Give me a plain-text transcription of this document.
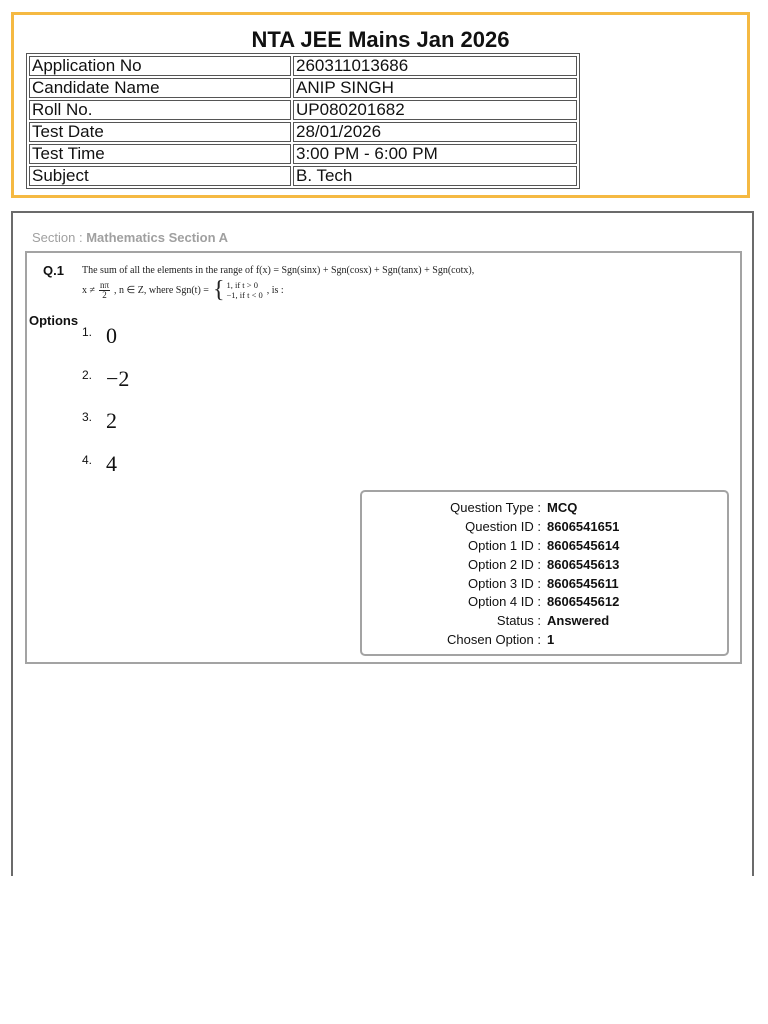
NTA JEE Mains Jan 2026
Application No	260311013686
Candidate Name	ANIP SINGH
Roll No.	UP080201682
Test Date	28/01/2026
Test Time	3:00 PM - 6:00 PM
Subject	B. Tech
Section : Mathematics Section A
Q.1 The sum of all the elements in the range of f(x) = Sgn(sinx) + Sgn(cosx) + Sgn(tanx) + Sgn(cotx),
$x \ne \frac{n\pi}{2}$ , n ∈ Z, where Sgn(t) = { 1, if t > 0
−1, if t < 0 , is :
Options
1. 0
2. −2
3. 2
4. 4
Question Type : MCQ
Question ID : 8606541651
Option 1 ID : 8606545614
Option 2 ID : 8606545613
Option 3 ID : 8606545611
Option 4 ID : 8606545612
Status : Answered
Chosen Option : 1
